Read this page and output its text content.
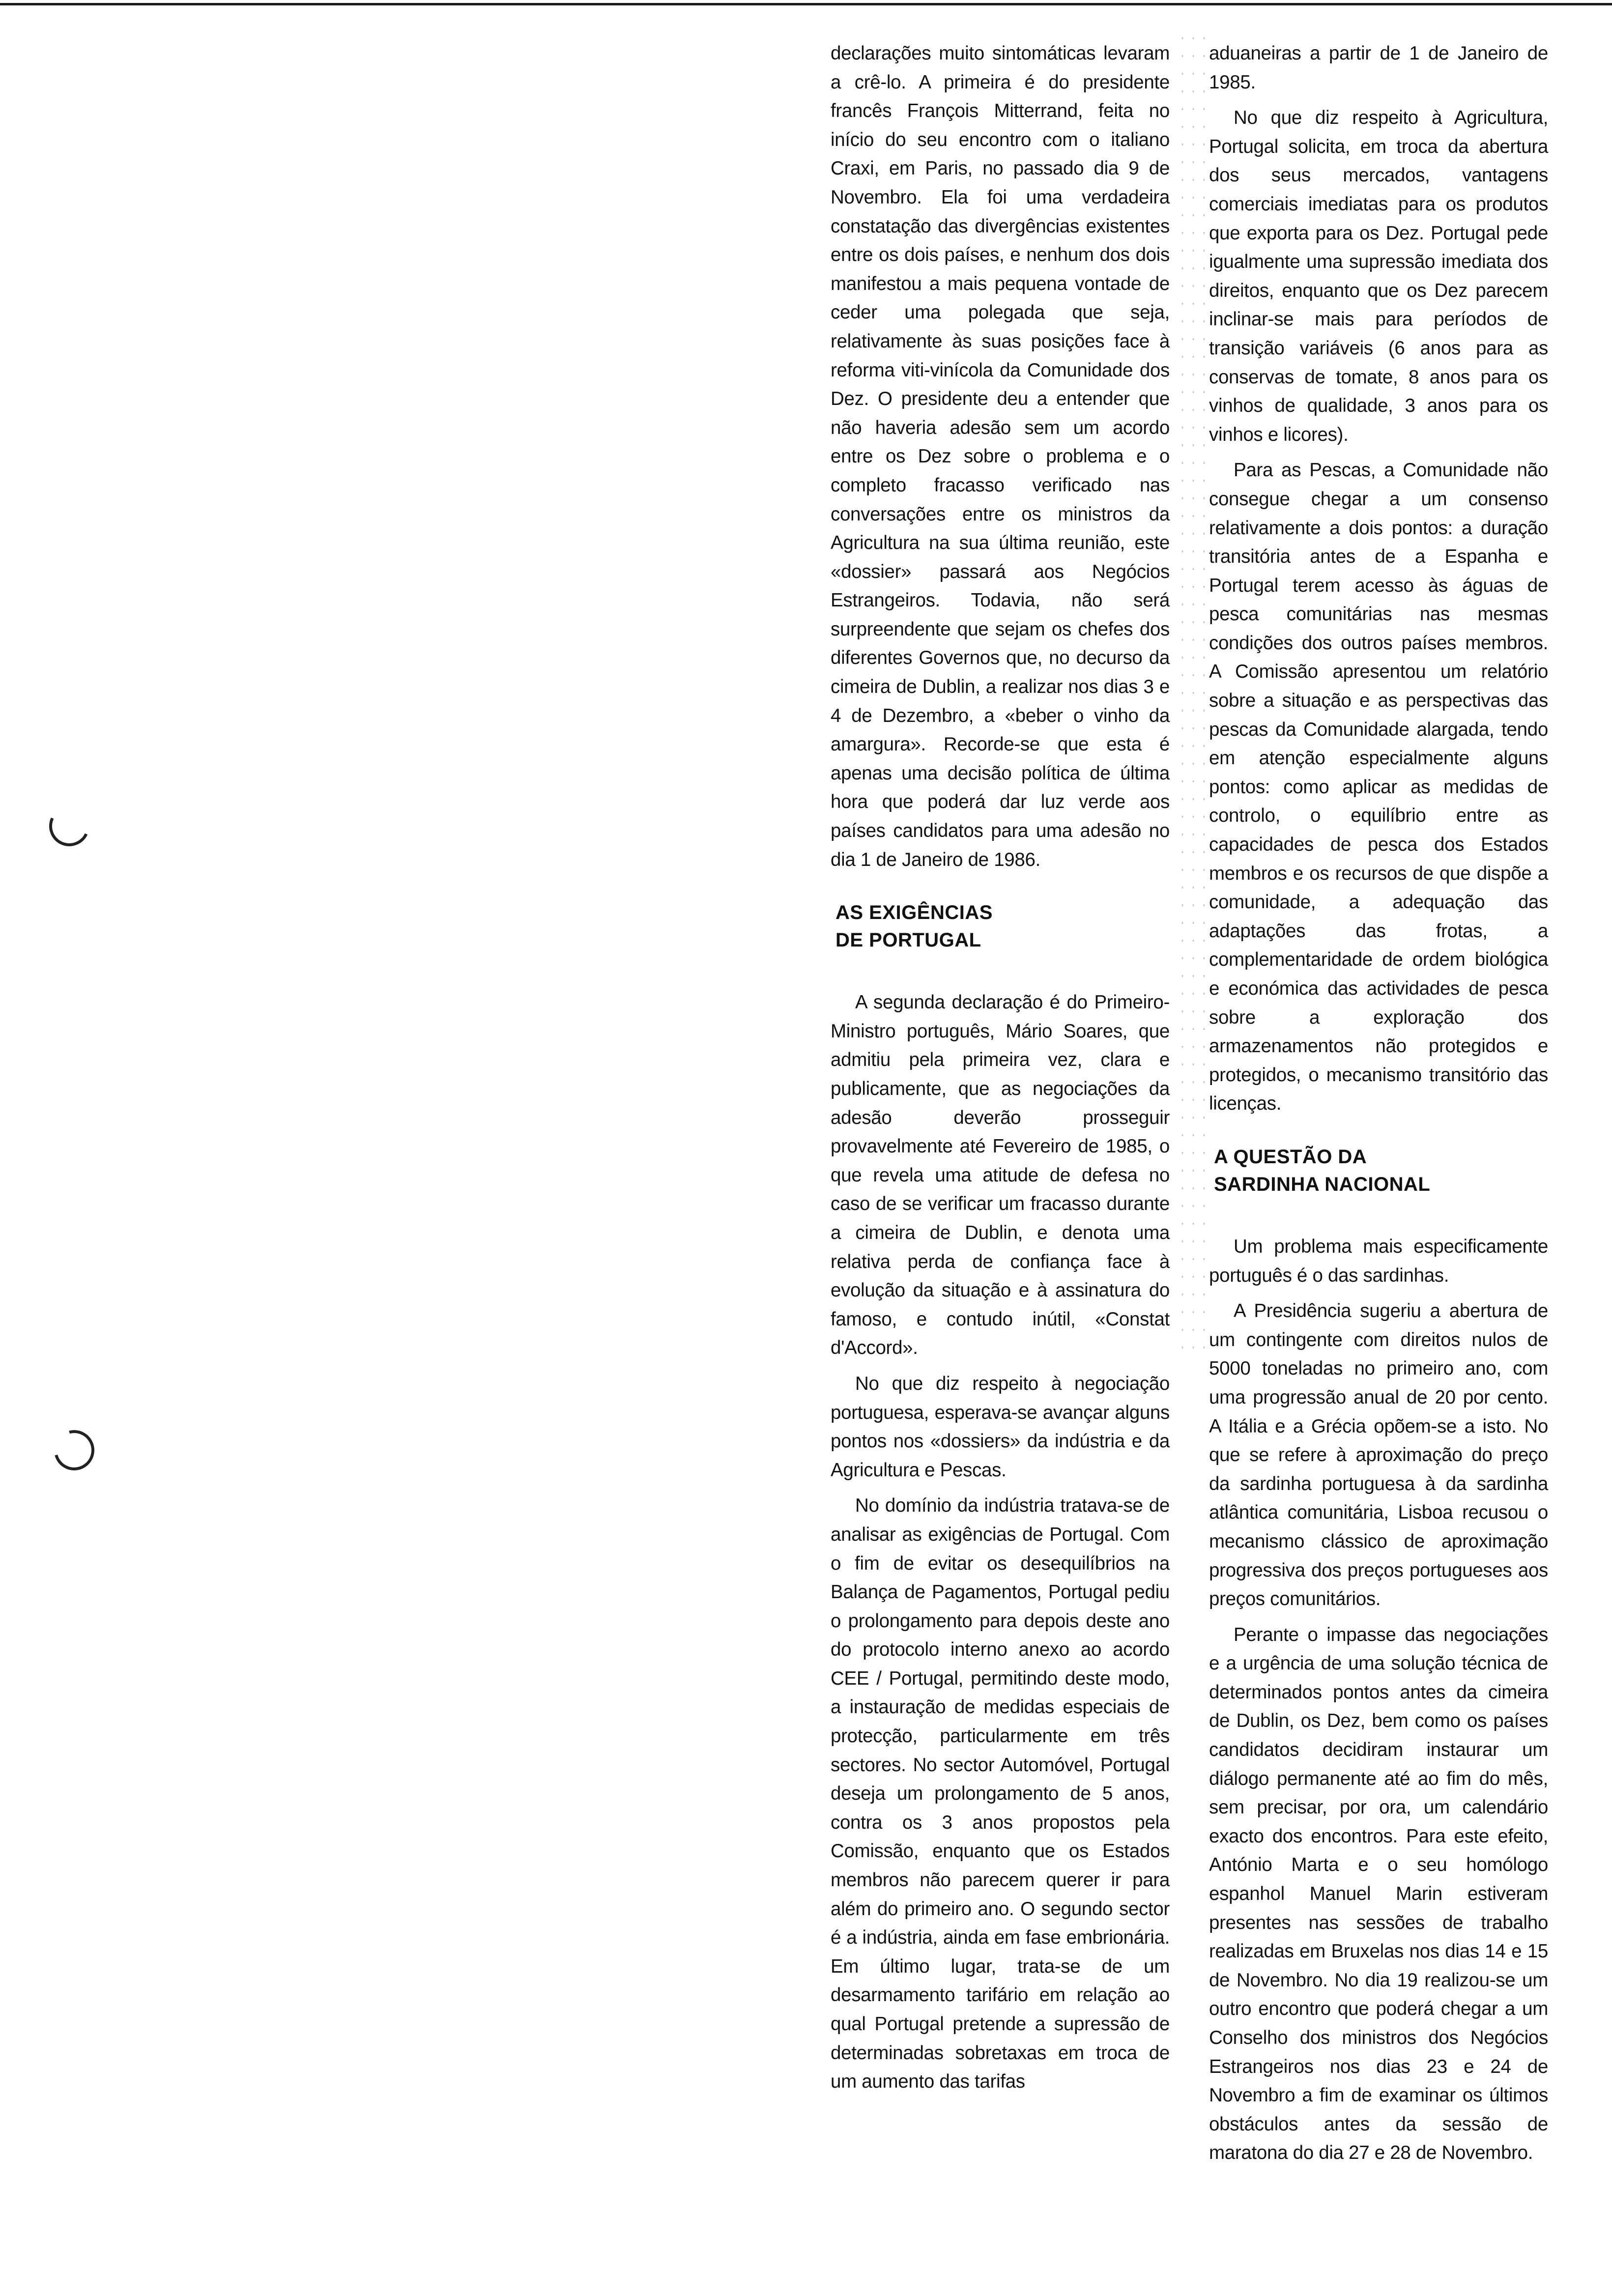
declarações muito sintomáticas levaram a crê-lo. A primeira é do presidente francês François Mitterrand, feita no início do seu encontro com o italiano Craxi, em Paris, no passado dia 9 de Novembro. Ela foi uma verdadeira constatação das divergências existentes entre os dois países, e nenhum dos dois manifestou a mais pequena vontade de ceder uma polegada que seja, relativamente às suas posições face à reforma viti-vinícola da Comunidade dos Dez. O presidente deu a entender que não haveria adesão sem um acordo entre os Dez sobre o problema e o completo fracasso verificado nas conversações entre os ministros da Agricultura na sua última reunião, este «dossier» passará aos Negócios Estrangeiros. Todavia, não será surpreendente que sejam os chefes dos diferentes Governos que, no decurso da cimeira de Dublin, a realizar nos dias 3 e 4 de Dezembro, a «beber o vinho da amargura». Recorde-se que esta é apenas uma decisão política de última hora que poderá dar luz verde aos países candidatos para uma adesão no dia 1 de Janeiro de 1986.

AS EXIGÊNCIAS
DE PORTUGAL

A segunda declaração é do Primeiro-Ministro português, Mário Soares, que admitiu pela primeira vez, clara e publicamente, que as negociações da adesão deverão prosseguir provavelmente até Fevereiro de 1985, o que revela uma atitude de defesa no caso de se verificar um fracasso durante a cimeira de Dublin, e denota uma relativa perda de confiança face à evolução da situação e à assinatura do famoso, e contudo inútil, «Constat d'Accord».

No que diz respeito à negociação portuguesa, esperava-se avançar alguns pontos nos «dossiers» da indústria e da Agricultura e Pescas.

No domínio da indústria tratava-se de analisar as exigências de Portugal. Com o fim de evitar os desequilíbrios na Balança de Pagamentos, Portugal pediu o prolongamento para depois deste ano do protocolo interno anexo ao acordo CEE / Portugal, permitindo deste modo, a instauração de medidas especiais de protecção, particularmente em três sectores. No sector Automóvel, Portugal deseja um prolongamento de 5 anos, contra os 3 anos propostos pela Comissão, enquanto que os Estados membros não parecem querer ir para além do primeiro ano. O segundo sector é a indústria, ainda em fase embrionária. Em último lugar, trata-se de um desarmamento tarifário em relação ao qual Portugal pretende a supressão de determinadas sobretaxas em troca de um aumento das tarifas

aduaneiras a partir de 1 de Janeiro de 1985.

No que diz respeito à Agricultura, Portugal solicita, em troca da abertura dos seus mercados, vantagens comerciais imediatas para os produtos que exporta para os Dez. Portugal pede igualmente uma supressão imediata dos direitos, enquanto que os Dez parecem inclinar-se mais para períodos de transição variáveis (6 anos para as conservas de tomate, 8 anos para os vinhos de qualidade, 3 anos para os vinhos e licores).

Para as Pescas, a Comunidade não consegue chegar a um consenso relativamente a dois pontos: a duração transitória antes de a Espanha e Portugal terem acesso às águas de pesca comunitárias nas mesmas condições dos outros países membros. A Comissão apresentou um relatório sobre a situação e as perspectivas das pescas da Comunidade alargada, tendo em atenção especialmente alguns pontos: como aplicar as medidas de controlo, o equilíbrio entre as capacidades de pesca dos Estados membros e os recursos de que dispõe a comunidade, a adequação das adaptações das frotas, a complementaridade de ordem biológica e económica das actividades de pesca sobre a exploração dos armazenamentos não protegidos e protegidos, o mecanismo transitório das licenças.

A QUESTÃO DA
SARDINHA NACIONAL

Um problema mais especificamente português é o das sardinhas.

A Presidência sugeriu a abertura de um contingente com direitos nulos de 5000 toneladas no primeiro ano, com uma progressão anual de 20 por cento. A Itália e a Grécia opõem-se a isto. No que se refere à aproximação do preço da sardinha portuguesa à da sardinha atlântica comunitária, Lisboa recusou o mecanismo clássico de aproximação progressiva dos preços portugueses aos preços comunitários.

Perante o impasse das negociações e a urgência de uma solução técnica de determinados pontos antes da cimeira de Dublin, os Dez, bem como os países candidatos decidiram instaurar um diálogo permanente até ao fim do mês, sem precisar, por ora, um calendário exacto dos encontros. Para este efeito, António Marta e o seu homólogo espanhol Manuel Marin estiveram presentes nas sessões de trabalho realizadas em Bruxelas nos dias 14 e 15 de Novembro. No dia 19 realizou-se um outro encontro que poderá chegar a um Conselho dos ministros dos Negócios Estrangeiros nos dias 23 e 24 de Novembro a fim de examinar os últimos obstáculos antes da sessão de maratona do dia 27 e 28 de Novembro.
